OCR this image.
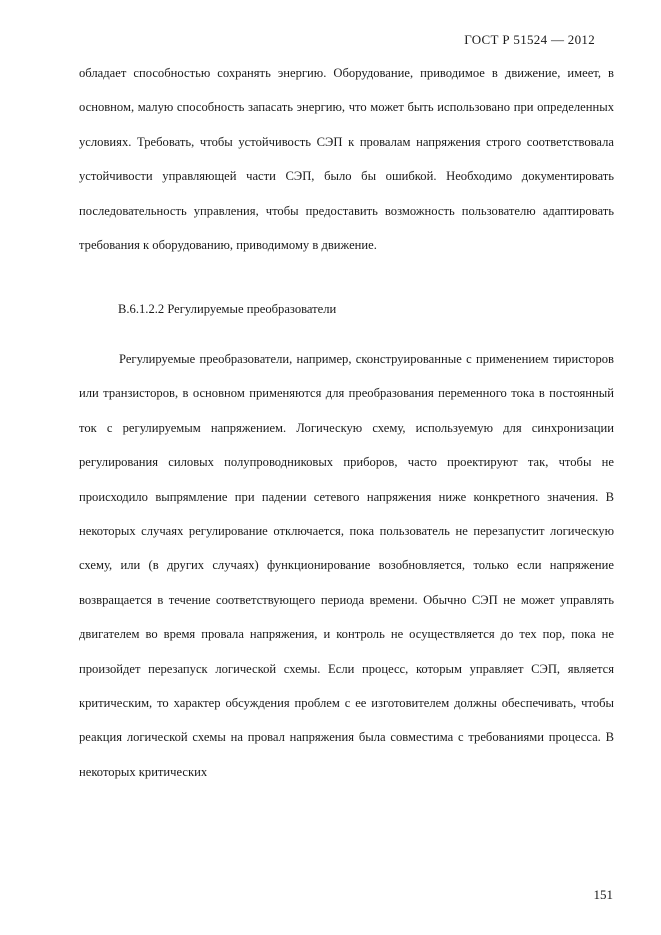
ГОСТ Р 51524 — 2012

обладает способностью сохранять энергию. Оборудование, приводимое в движение, имеет, в основном, малую способность запасать энергию, что может быть использовано при определенных условиях. Требовать, чтобы устойчивость СЭП к провалам напряжения строго соответствовала устойчивости управляющей части СЭП, было бы ошибкой. Необходимо документировать последовательность управления, чтобы предоставить возможность пользователю адаптировать требования к оборудованию, приводимому в движение.

В.6.1.2.2 Регулируемые преобразователи

Регулируемые преобразователи, например, сконструированные с применением тиристоров или транзисторов, в основном применяются для преобразования переменного тока в постоянный ток с регулируемым напряжением. Логическую схему, используемую для синхронизации регулирования силовых полупроводниковых приборов, часто проектируют так, чтобы не происходило выпрямление при падении сетевого напряжения ниже конкретного значения. В некоторых случаях регулирование отключается, пока пользователь не перезапустит логическую схему, или (в других случаях) функционирование возобновляется, только если напряжение возвращается в течение соответствующего периода времени. Обычно СЭП не может управлять двигателем во время провала напряжения, и контроль не осуществляется до тех пор, пока не произойдет перезапуск логической схемы. Если процесс, которым управляет СЭП, является критическим, то характер обсуждения проблем с ее изготовителем должны обеспечивать, чтобы реакция логической схемы на провал напряжения была совместима с требованиями процесса. В некоторых критических

151
